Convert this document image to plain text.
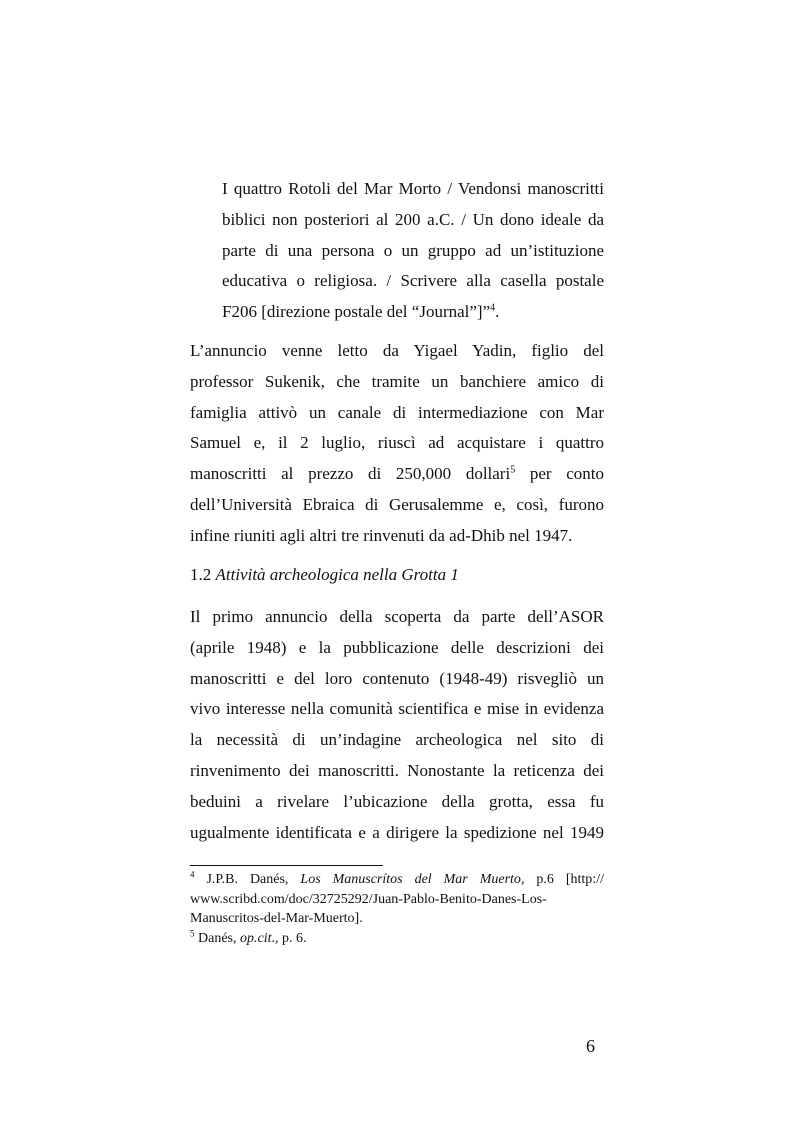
I quattro Rotoli del Mar Morto / Vendonsi manoscritti
biblici non posteriori al 200 a.C. / Un dono ideale da
parte di una persona o un gruppo ad un’istituzione
educativa o religiosa. / Scrivere alla casella postale
F206 [direzione postale del “Journal”]”$^4$.
L’annuncio venne letto da Yigael Yadin, figlio del
professor Sukenik, che tramite un banchiere amico di
famiglia attivò un canale di intermediazione con Mar
Samuel e, il 2 luglio, riuscì ad acquistare i quattro
manoscritti al prezzo di 250,000 dollari$^5$ per conto
dell’Università Ebraica di Gerusalemme e, così, furono
infine riuniti agli altri tre rinvenuti da ad-Dhib nel 1947.
1.2 Attività archeologica nella Grotta 1
Il primo annuncio della scoperta da parte dell’ASOR
(aprile 1948) e la pubblicazione delle descrizioni dei
manoscritti e del loro contenuto (1948-49) risvegliò un
vivo interesse nella comunità scientifica e mise in evidenza
la necessità di un’indagine archeologica nel sito di
rinvenimento dei manoscritti. Nonostante la reticenza dei
beduini a rivelare l’ubicazione della grotta, essa fu
ugualmente identificata e a dirigere la spedizione nel 1949
$^4$ J.P.B. Danés, Los Manuscrítos del Mar Muerto, p.6 [http://
www.scribd.com/doc/32725292/Juan-Pablo-Benito-Danes-Los-
Manuscritos-del-Mar-Muerto].
$^5$ Danés, op.cit., p. 6.
6
